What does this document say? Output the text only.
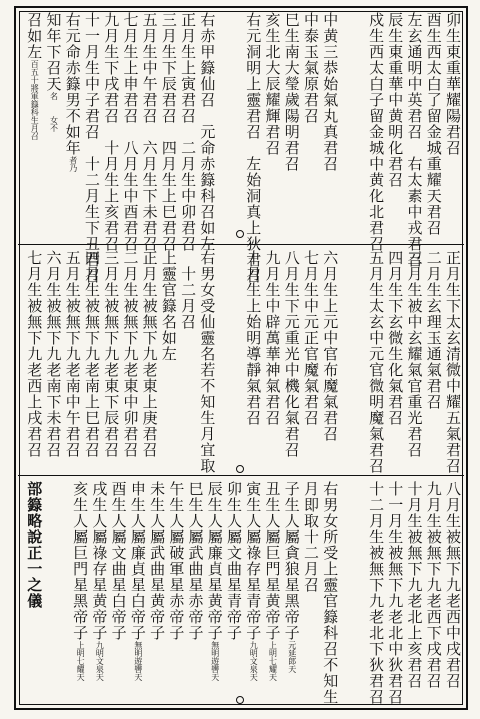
卯生東重華耀陽君召
酉生西太白了留金城重耀天君召
左玄通明中英君召　右太素中戎君召
辰生東重華中黄明化君召
戍生西太白子留金城中黄化北君召
中黄三恭始氣丸真君召
中泰玉氣原君召
巳生南大瑩歲陽明君召
亥生北大辰耀輝君召
右元洞明上靈君召　左始洞真上狄君召
右赤甲籙仙召　元命赤籙科召如左
正月生上寅君召　二月生中卯君召
三月生下辰君召　四月生上巳君召
五月生中午君召　六月生下未君召
七月生上申君召　八月生中酉君召
九月生下戌君召　十月生上亥君召
十一月生中子君召　十二月生下丑君召
右元命赤籙男不如年者乃
知年下召天名　　女不
召如左百五十將軍籙科生月召
正月生下太玄清微中耀五氣君召
二月生玄理玉通氣君召
三月生被中玄耀氣官重光君召
四月生下玄微生化氣君召
五月生太玄中元官微明魔氣君召
六月生上元中官布魔氣君召
七月生中元正官魔氣君召
八月生下元重光中機化氣君召
九月生中辟萬華神氣君召
十月生上始明導靜氣君召
右男女受仙靈名若不知生月宜取
　十二月召
上靈官籙名如左
正月生被無下九老東上庚君召
二月生被無下九老東中卯君召
三月生被無下九老東下辰君召
四月生被無下九老南上巳君召
五月生被無下九老南中午君召
六月生被無下九老南下未君召
七月生被無下九老西上戌君召
八月生被無下九老西中戌君召
九月生被無下九老西下戌君召
十月生被無下九老北上亥君召
十一月生被無下九老北中狄君召
十二月生被無下九老北下狄君召
右男女所受上靈官籙科召不知生
月即取十二月召
子生人屬貪狼星黑帝子元延郎天
丑生人屬巨門星黄帝子上明七耀天
寅生人屬祿存星青帝子九明文泉天
卯生人屬文曲星青帝子
辰生人屬廉貞星黄帝子無明遊轡天
巳生人屬武曲星赤帝子
午生人屬破軍星赤帝子
未生人屬武曲星黄帝子
申生人屬廉貞星白帝子無明遊轡天
酉生人屬文曲星白帝子
戌生人屬祿存星黄帝子九明文泉天
亥生人屬巨門星黑帝子上明七耀天
部籙略說正一之儀
